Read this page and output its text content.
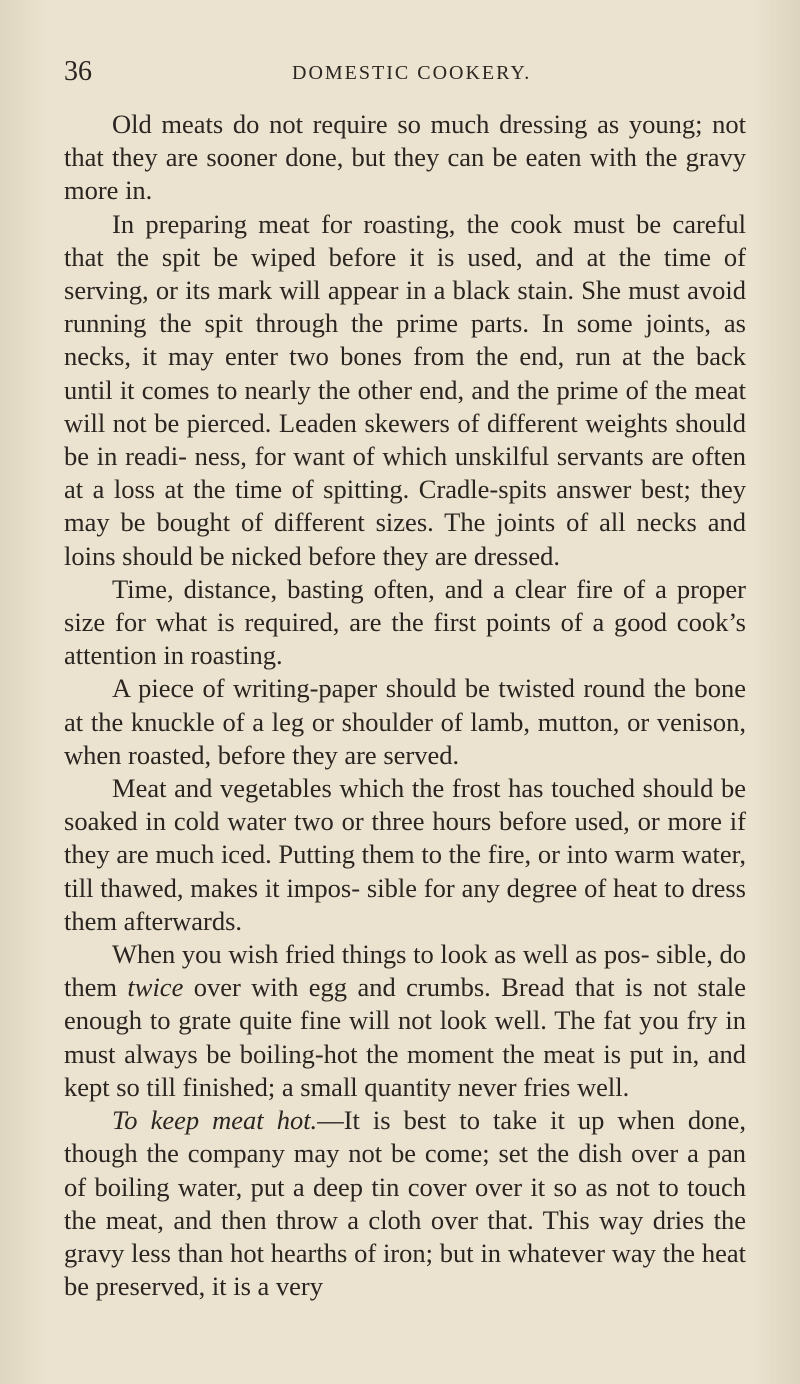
36	DOMESTIC COOKERY.

Old meats do not require so much dressing as young; not that they are sooner done, but they can be eaten with the gravy more in.

In preparing meat for roasting, the cook must be careful that the spit be wiped before it is used, and at the time of serving, or its mark will appear in a black stain. She must avoid running the spit through the prime parts. In some joints, as necks, it may enter two bones from the end, run at the back until it comes to nearly the other end, and the prime of the meat will not be pierced. Leaden skewers of different weights should be in readi- ness, for want of which unskilful servants are often at a loss at the time of spitting. Cradle-spits answer best; they may be bought of different sizes. The joints of all necks and loins should be nicked before they are dressed.

Time, distance, basting often, and a clear fire of a proper size for what is required, are the first points of a good cook’s attention in roasting.

A piece of writing-paper should be twisted round the bone at the knuckle of a leg or shoulder of lamb, mutton, or venison, when roasted, before they are served.

Meat and vegetables which the frost has touched should be soaked in cold water two or three hours before used, or more if they are much iced. Putting them to the fire, or into warm water, till thawed, makes it impos- sible for any degree of heat to dress them afterwards.

When you wish fried things to look as well as pos- sible, do them twice over with egg and crumbs. Bread that is not stale enough to grate quite fine will not look well. The fat you fry in must always be boiling-hot the moment the meat is put in, and kept so till finished; a small quantity never fries well.

To keep meat hot.—It is best to take it up when done, though the company may not be come; set the dish over a pan of boiling water, put a deep tin cover over it so as not to touch the meat, and then throw a cloth over that. This way dries the gravy less than hot hearths of iron; but in whatever way the heat be preserved, it is a very
